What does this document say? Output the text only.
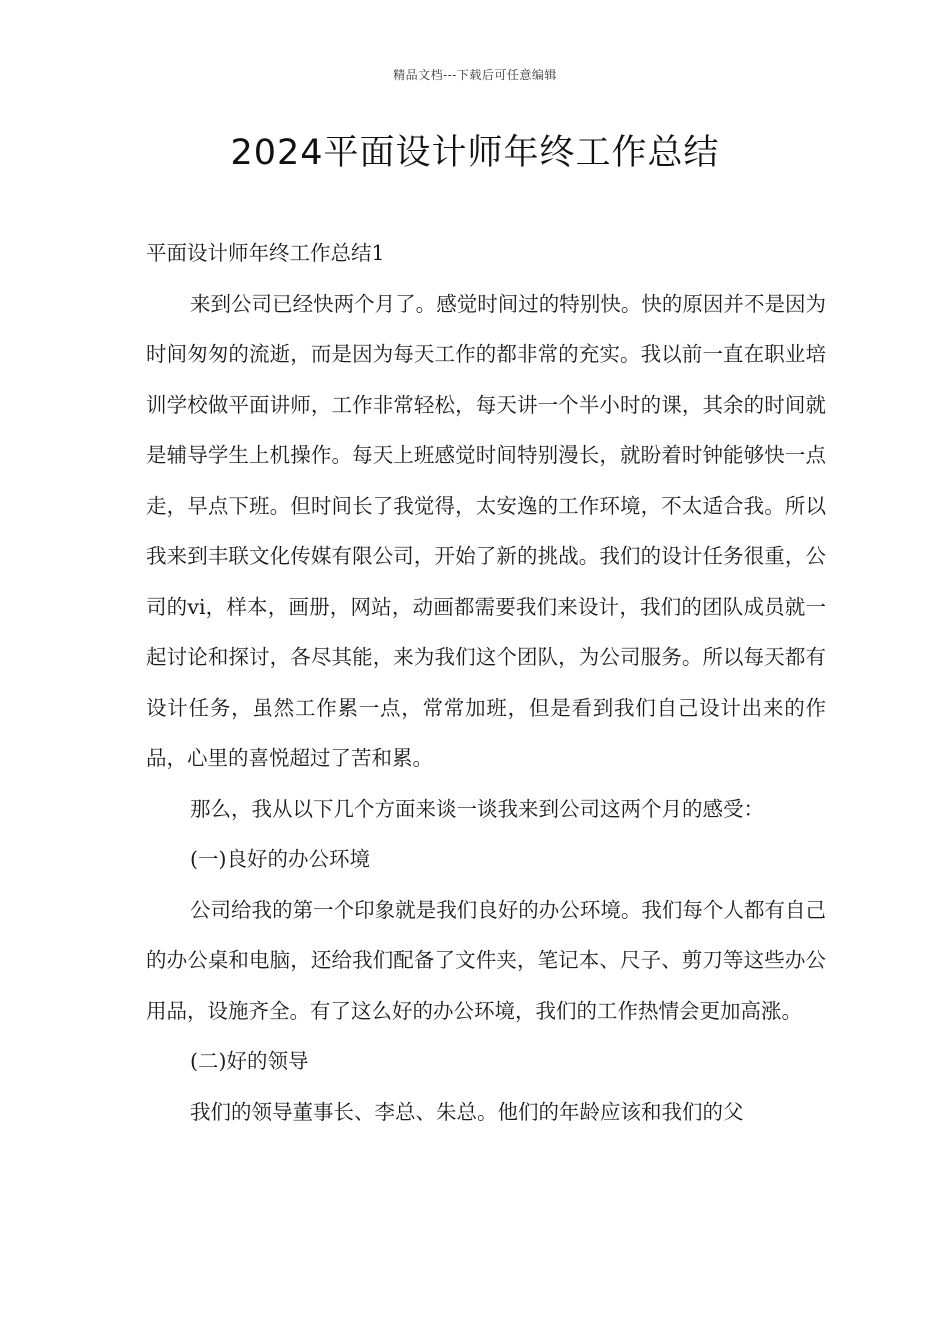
精品文档---下载后可任意编辑
2024平面设计师年终工作总结

平面设计师年终工作总结1

来到公司已经快两个月了。感觉时间过的特别快。快的原因并不是因为时间匆匆的流逝，而是因为每天工作的都非常的充实。我以前一直在职业培训学校做平面讲师，工作非常轻松，每天讲一个半小时的课，其余的时间就是辅导学生上机操作。每天上班感觉时间特别漫长，就盼着时钟能够快一点走，早点下班。但时间长了我觉得，太安逸的工作环境，不太适合我。所以我来到丰联文化传媒有限公司，开始了新的挑战。我们的设计任务很重，公司的vi，样本，画册，网站，动画都需要我们来设计，我们的团队成员就一起讨论和探讨，各尽其能，来为我们这个团队，为公司服务。所以每天都有设计任务，虽然工作累一点，常常加班，但是看到我们自己设计出来的作品，心里的喜悦超过了苦和累。

那么，我从以下几个方面来谈一谈我来到公司这两个月的感受：

(一)良好的办公环境

公司给我的第一个印象就是我们良好的办公环境。我们每个人都有自己的办公桌和电脑，还给我们配备了文件夹，笔记本、尺子、剪刀等这些办公用品，设施齐全。有了这么好的办公环境，我们的工作热情会更加高涨。

(二)好的领导

我们的领导董事长、李总、朱总。他们的年龄应该和我们的父
